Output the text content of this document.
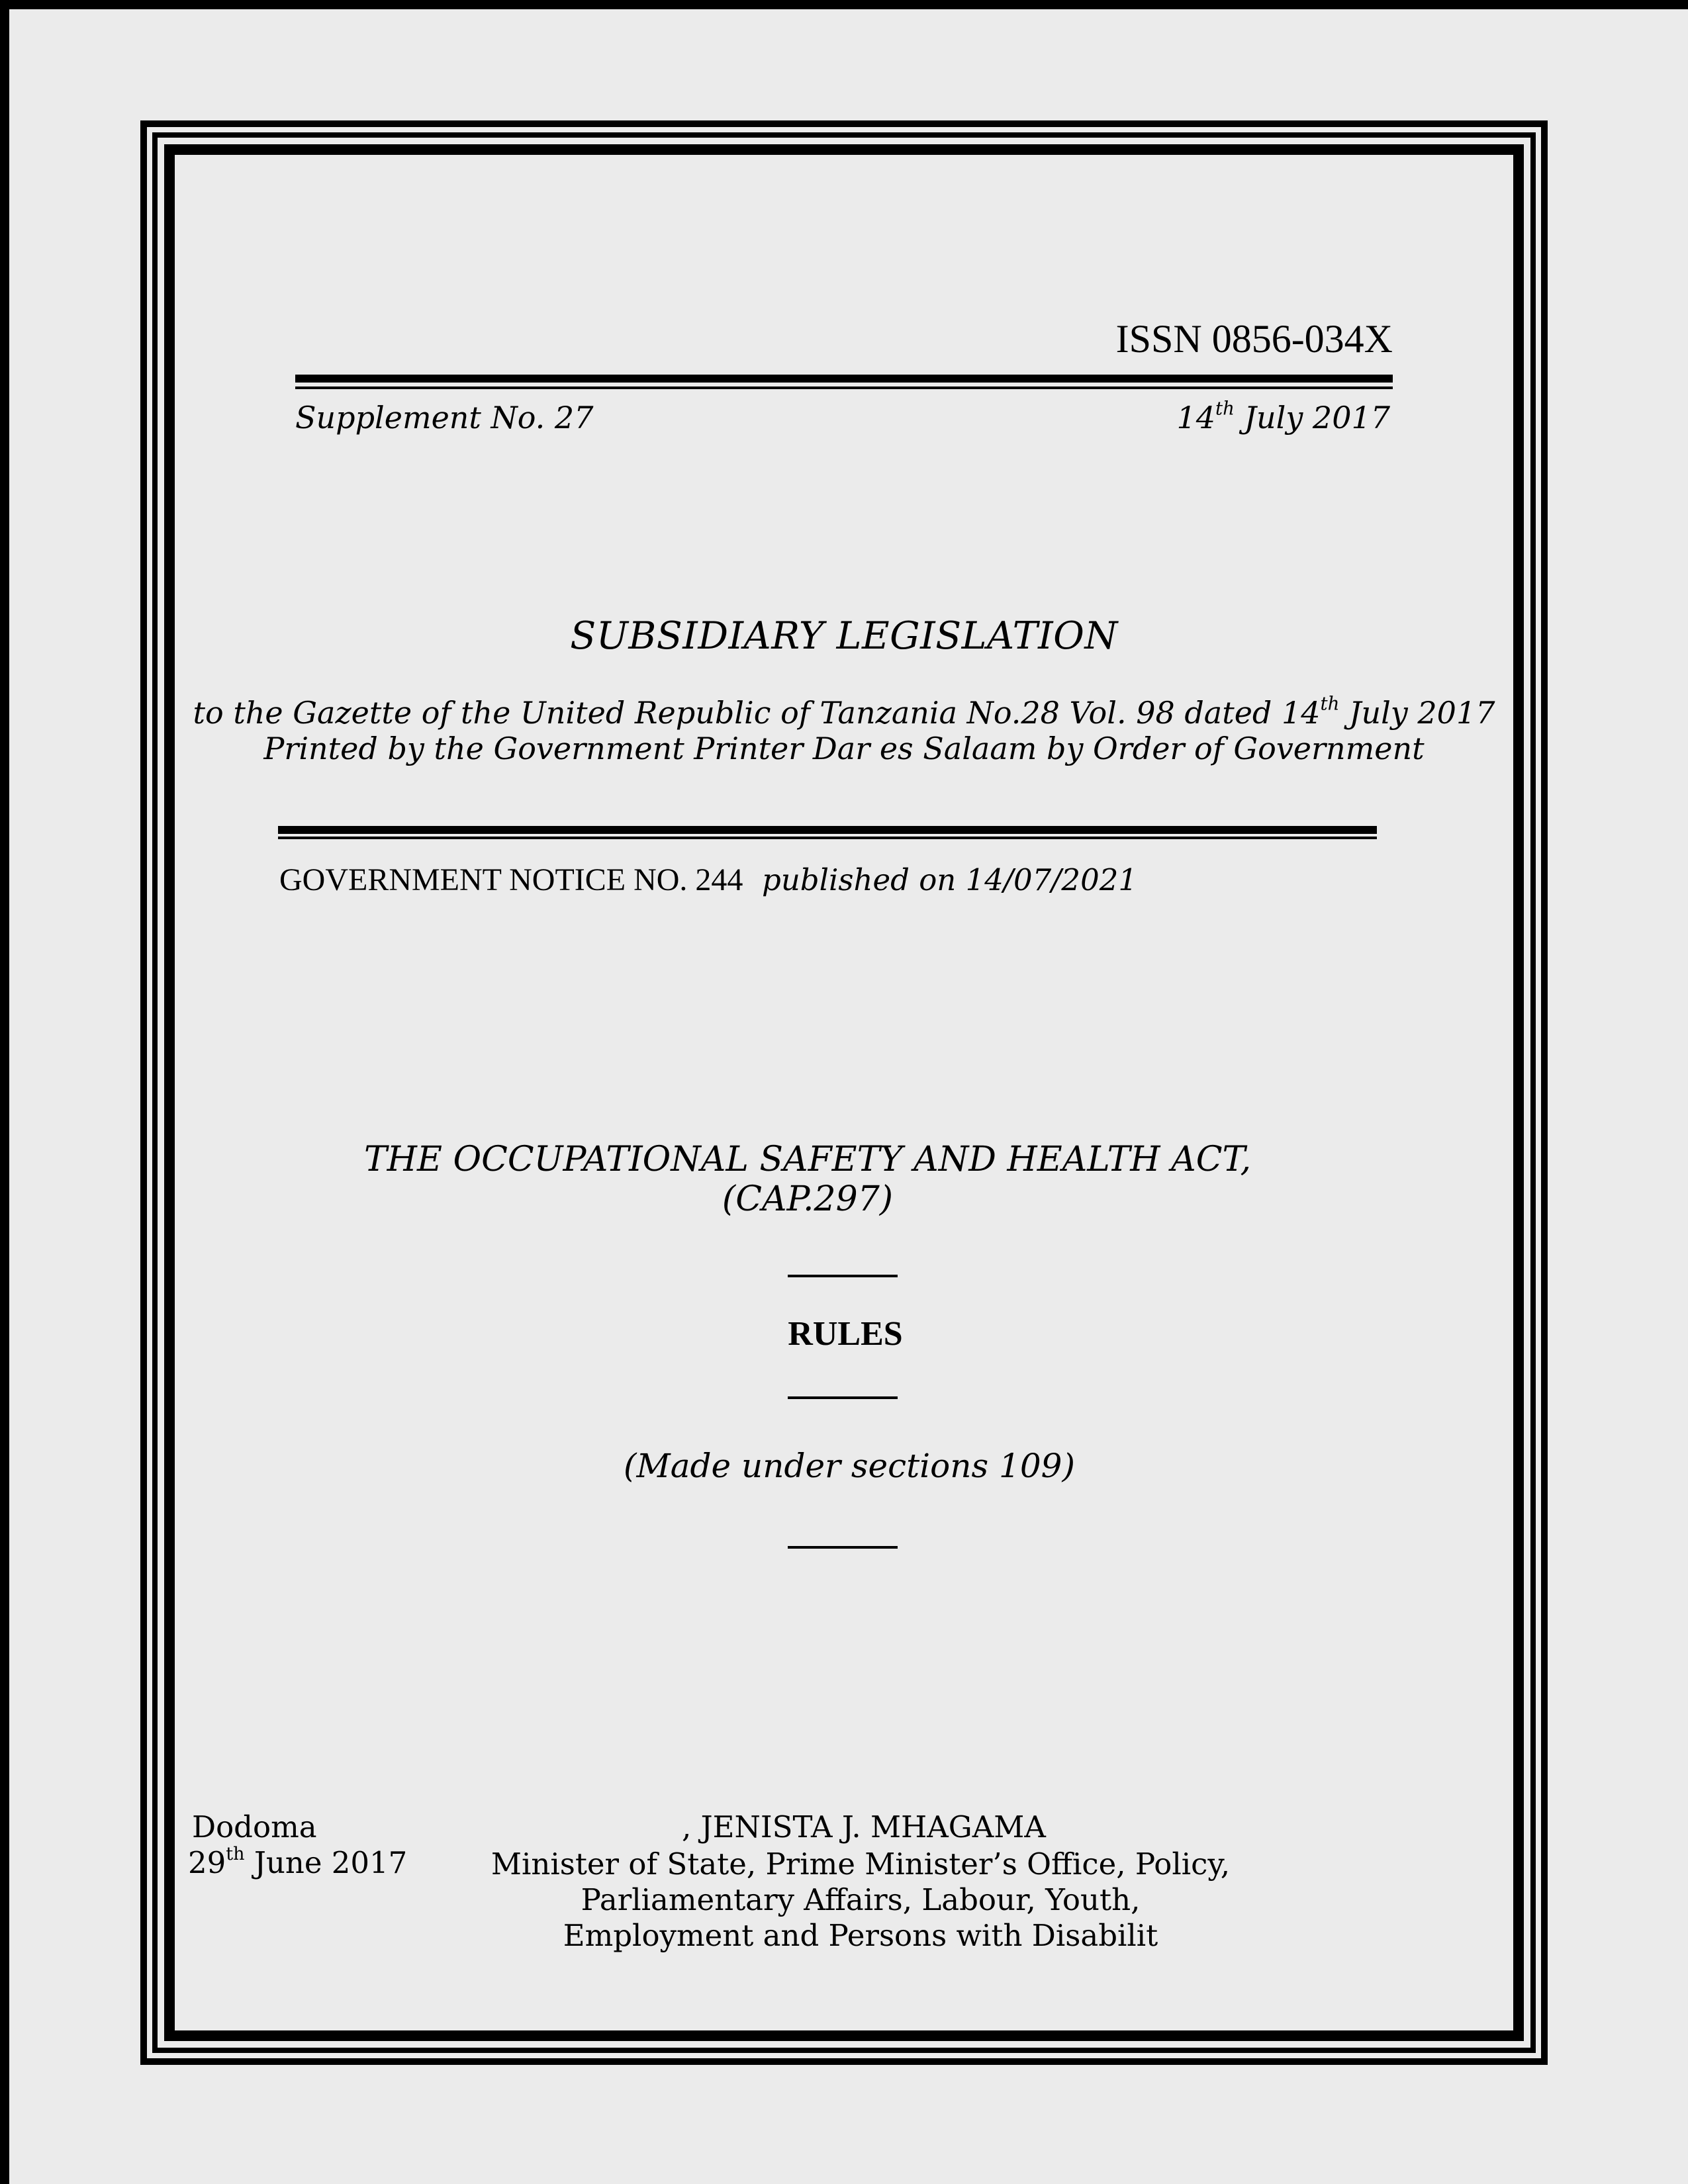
ISSN 0856-034X
Supplement No. 27	14th July 2017
SUBSIDIARY LEGISLATION
to the Gazette of the United Republic of Tanzania No.28 Vol. 98 dated 14th July 2017
Printed by the Government Printer Dar es Salaam by Order of Government
GOVERNMENT NOTICE NO. 244 published on 14/07/2021
THE OCCUPATIONAL SAFETY AND HEALTH ACT,
(CAP.297)
RULES
(Made under sections 109)
Dodoma
29th June 2017
, JENISTA J. MHAGAMA
Minister of State, Prime Minister’s Office, Policy,
Parliamentary Affairs, Labour, Youth,
Employment and Persons with Disabilit
